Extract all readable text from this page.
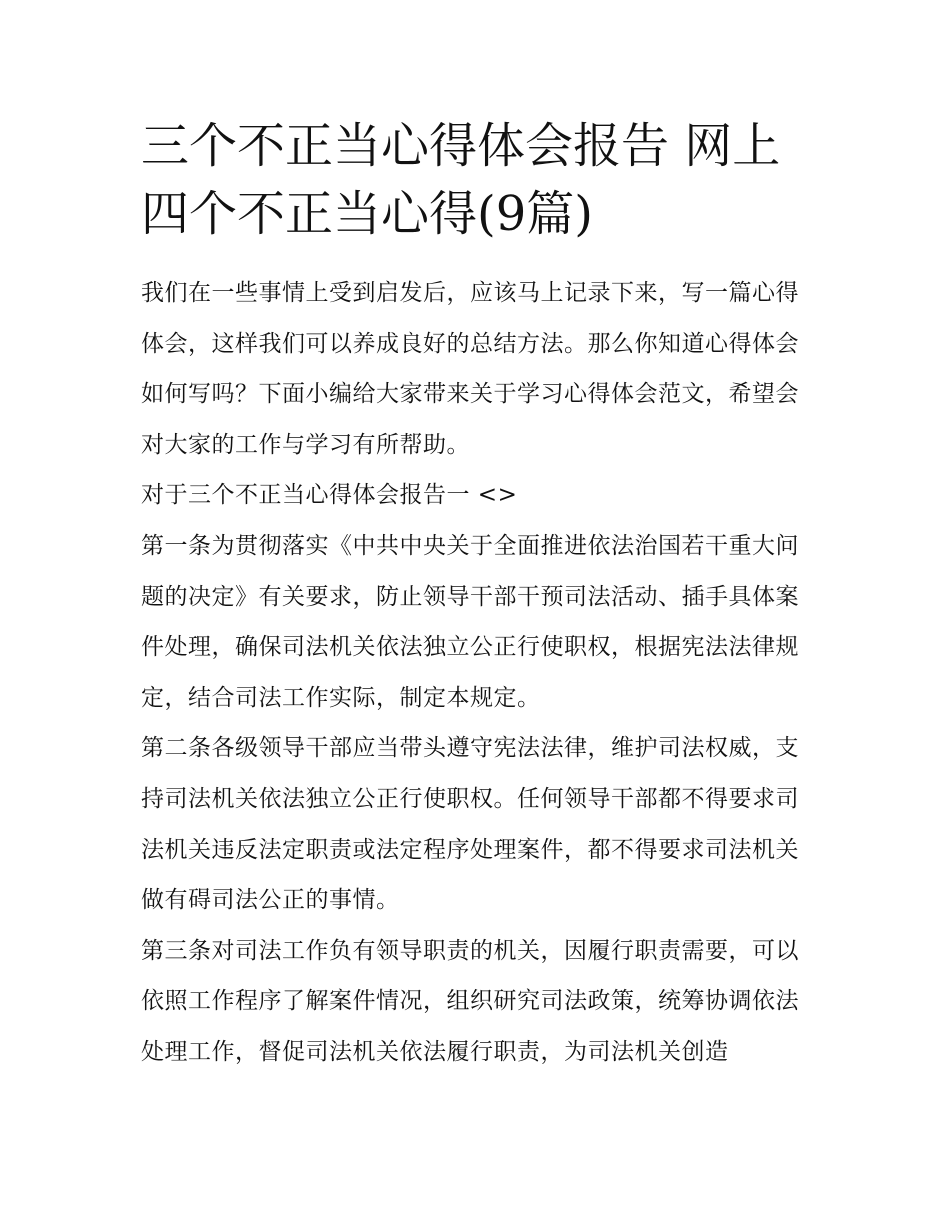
三个不正当心得体会报告 网上四个不正当心得(9篇)

我们在一些事情上受到启发后，应该马上记录下来，写一篇心得体会，这样我们可以养成良好的总结方法。那么你知道心得体会如何写吗？下面小编给大家带来关于学习心得体会范文，希望会对大家的工作与学习有所帮助。

对于三个不正当心得体会报告一 <>

第一条为贯彻落实《中共中央关于全面推进依法治国若干重大问题的决定》有关要求，防止领导干部干预司法活动、插手具体案件处理，确保司法机关依法独立公正行使职权，根据宪法法律规定，结合司法工作实际，制定本规定。

第二条各级领导干部应当带头遵守宪法法律，维护司法权威，支持司法机关依法独立公正行使职权。任何领导干部都不得要求司法机关违反法定职责或法定程序处理案件，都不得要求司法机关做有碍司法公正的事情。

第三条对司法工作负有领导职责的机关，因履行职责需要，可以依照工作程序了解案件情况，组织研究司法政策，统筹协调依法处理工作，督促司法机关依法履行职责，为司法机关创造
